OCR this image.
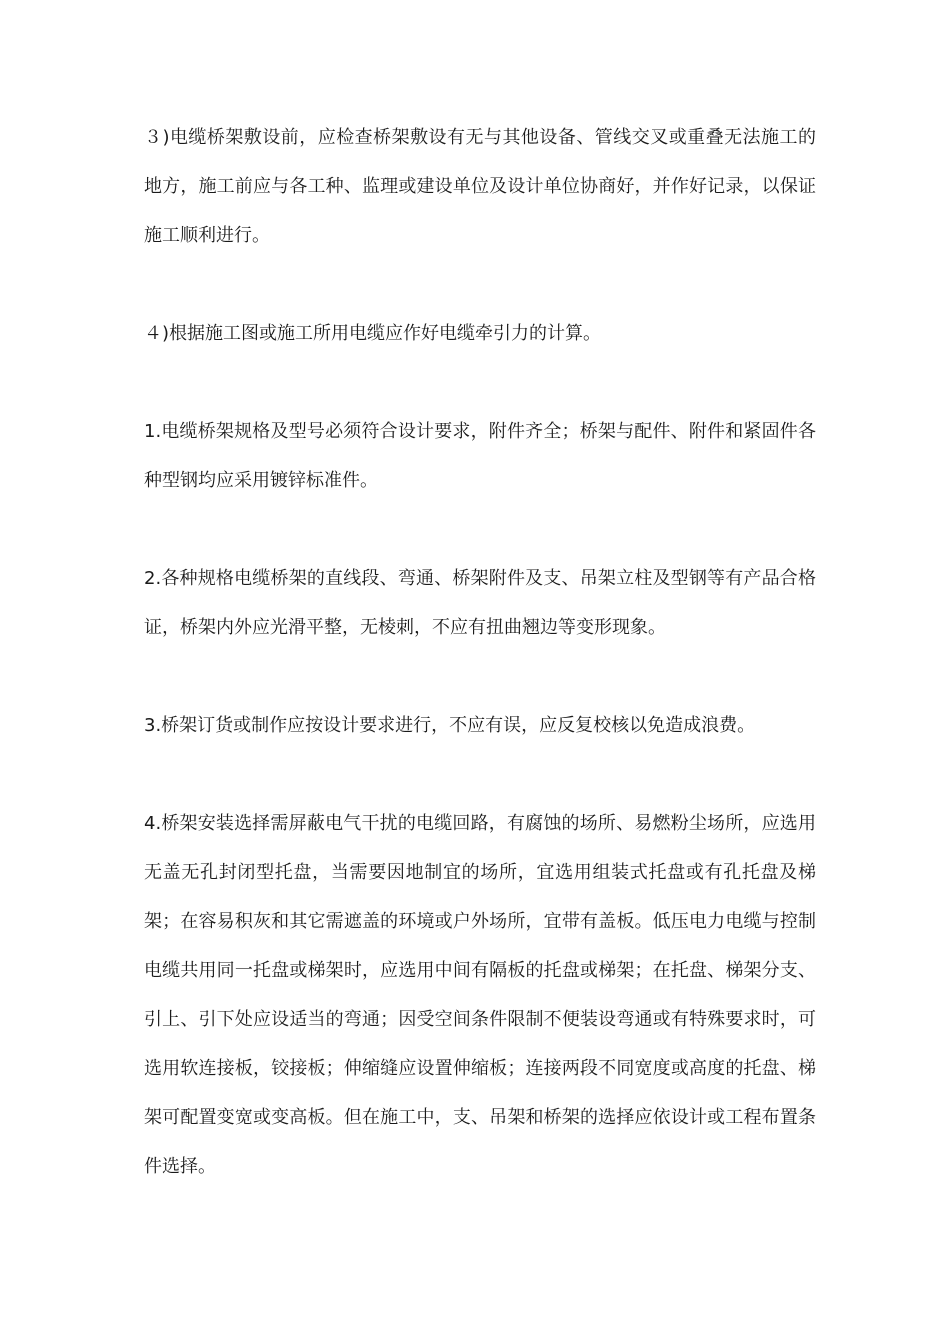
３)电缆桥架敷设前，应检查桥架敷设有无与其他设备、管线交叉或重叠无法施工的地方，施工前应与各工种、监理或建设单位及设计单位协商好，并作好记录，以保证施工顺利进行。

４)根据施工图或施工所用电缆应作好电缆牵引力的计算。

1.电缆桥架规格及型号必须符合设计要求，附件齐全；桥架与配件、附件和紧固件各种型钢均应采用镀锌标准件。

2.各种规格电缆桥架的直线段、弯通、桥架附件及支、吊架立柱及型钢等有产品合格证，桥架内外应光滑平整，无棱刺，不应有扭曲翘边等变形现象。

3.桥架订货或制作应按设计要求进行，不应有误，应反复校核以免造成浪费。

4.桥架安装选择需屏蔽电气干扰的电缆回路，有腐蚀的场所、易燃粉尘场所，应选用无盖无孔封闭型托盘，当需要因地制宜的场所，宜选用组装式托盘或有孔托盘及梯架；在容易积灰和其它需遮盖的环境或户外场所，宜带有盖板。低压电力电缆与控制电缆共用同一托盘或梯架时，应选用中间有隔板的托盘或梯架；在托盘、梯架分支、引上、引下处应设适当的弯通；因受空间条件限制不便装设弯通或有特殊要求时，可选用软连接板，铰接板；伸缩缝应设置伸缩板；连接两段不同宽度或高度的托盘、梯架可配置变宽或变高板。但在施工中，支、吊架和桥架的选择应依设计或工程布置条件选择。
